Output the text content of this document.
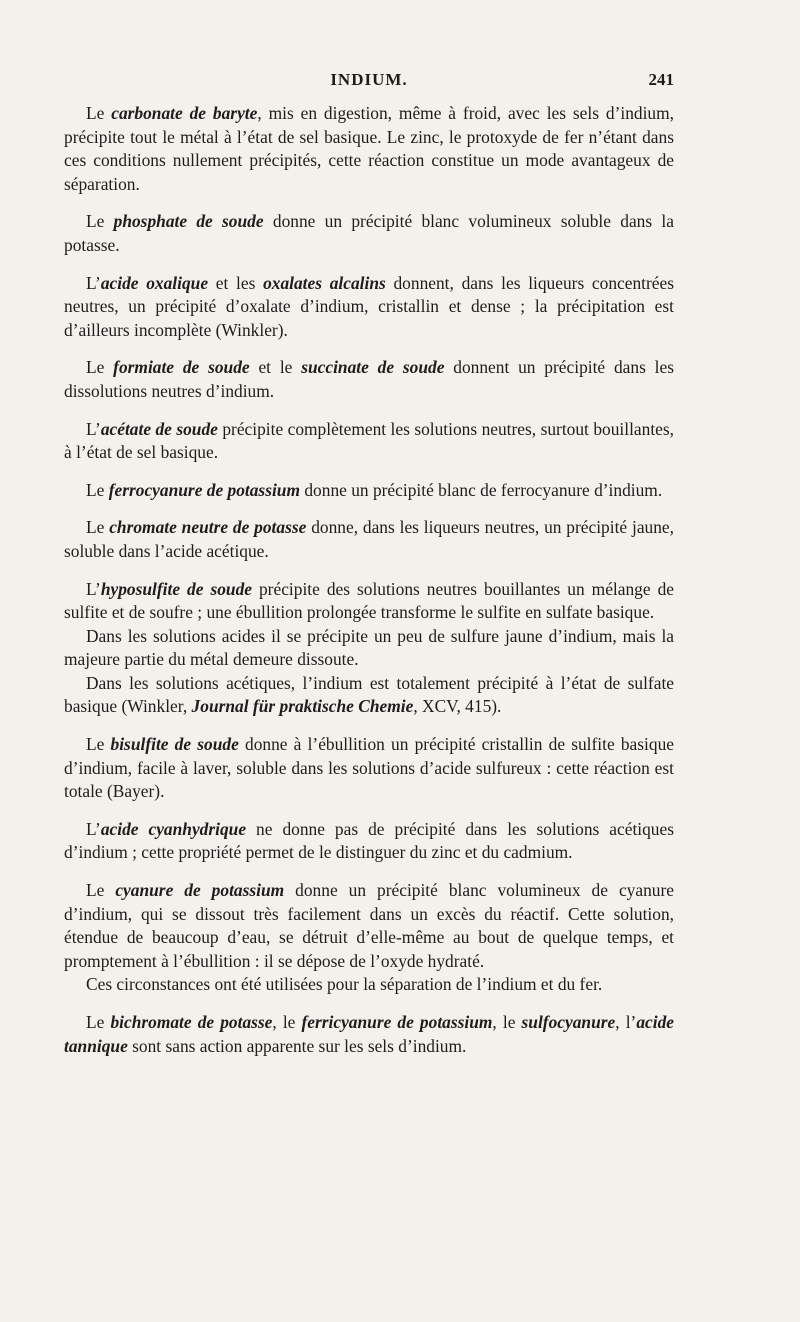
INDIUM.	241

Le carbonate de baryte, mis en digestion, même à froid, avec les sels d’indium, précipite tout le métal à l’état de sel basique. Le zinc, le protoxyde de fer n’étant dans ces conditions nullement précipités, cette réaction constitue un mode avantageux de séparation.

Le phosphate de soude donne un précipité blanc volumineux soluble dans la potasse.

L’acide oxalique et les oxalates alcalins donnent, dans les liqueurs concentrées neutres, un précipité d’oxalate d’indium, cristallin et dense ; la précipitation est d’ailleurs incomplète (Winkler).

Le formiate de soude et le succinate de soude donnent un précipité dans les dissolutions neutres d’indium.

L’acétate de soude précipite complètement les solutions neutres, surtout bouillantes, à l’état de sel basique.

Le ferrocyanure de potassium donne un précipité blanc de ferrocyanure d’indium.

Le chromate neutre de potasse donne, dans les liqueurs neutres, un précipité jaune, soluble dans l’acide acétique.

L’hyposulfite de soude précipite des solutions neutres bouillantes un mélange de sulfite et de soufre ; une ébullition prolongée transforme le sulfite en sulfate basique.

Dans les solutions acides il se précipite un peu de sulfure jaune d’indium, mais la majeure partie du métal demeure dissoute.

Dans les solutions acétiques, l’indium est totalement précipité à l’état de sulfate basique (Winkler, Journal für praktische Chemie, XCV, 415).

Le bisulfite de soude donne à l’ébullition un précipité cristallin de sulfite basique d’indium, facile à laver, soluble dans les solutions d’acide sulfureux : cette réaction est totale (Bayer).

L’acide cyanhydrique ne donne pas de précipité dans les solutions acétiques d’indium ; cette propriété permet de le distinguer du zinc et du cadmium.

Le cyanure de potassium donne un précipité blanc volumineux de cyanure d’indium, qui se dissout très facilement dans un excès du réactif. Cette solution, étendue de beaucoup d’eau, se détruit d’elle-même au bout de quelque temps, et promptement à l’ébullition : il se dépose de l’oxyde hydraté.

Ces circonstances ont été utilisées pour la séparation de l’indium et du fer.

Le bichromate de potasse, le ferricyanure de potassium, le sulfocyanure, l’acide tannique sont sans action apparente sur les sels d’indium.
